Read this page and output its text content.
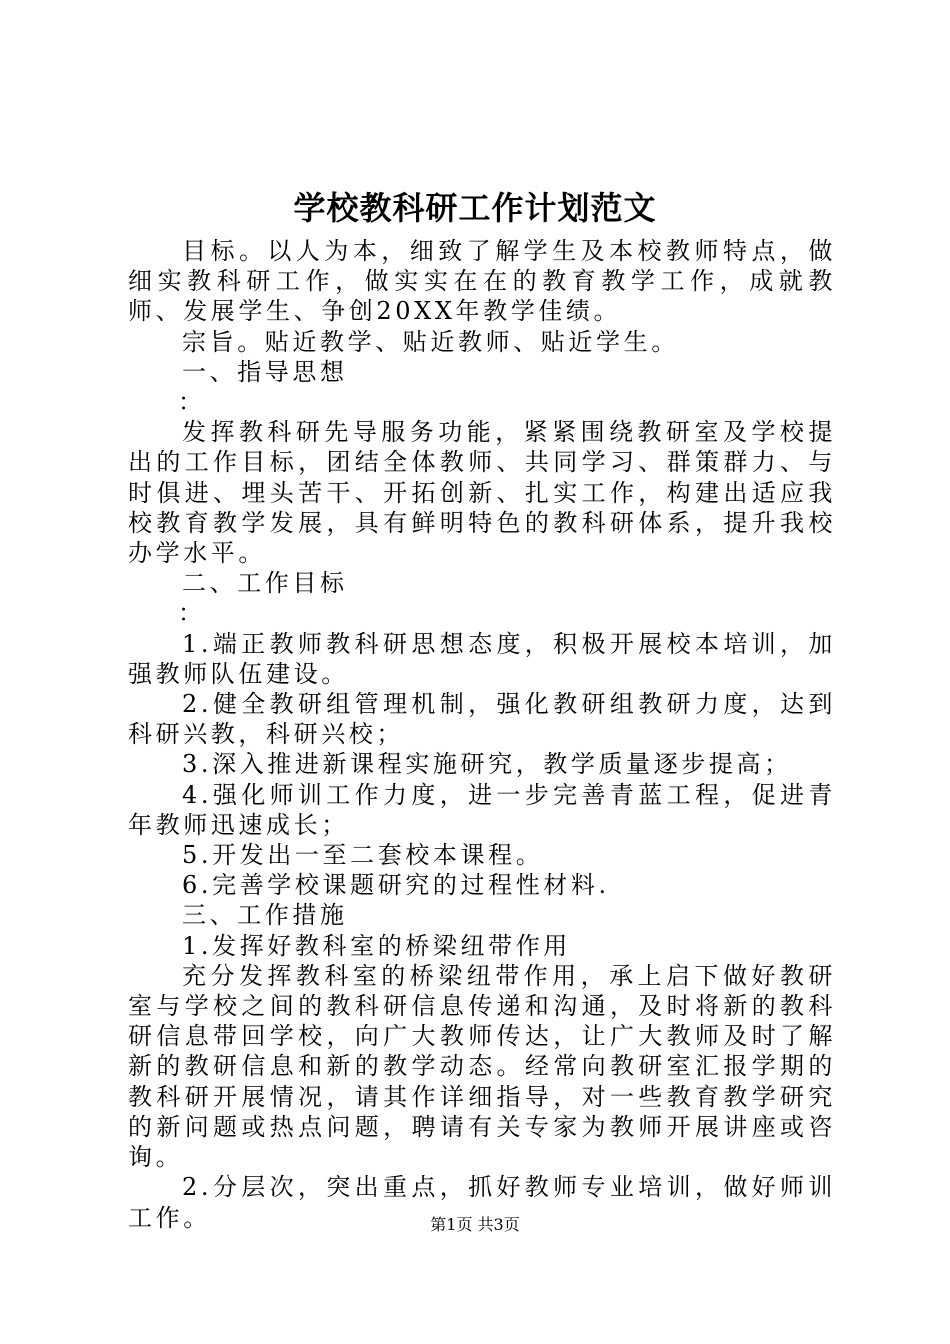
学校教科研工作计划范文

目标。以人为本，细致了解学生及本校教师特点，做细实教科研工作，做实实在在的教育教学工作，成就教师、发展学生、争创20XX年教学佳绩。

宗旨。贴近教学、贴近教师、贴近学生。

一、指导思想

：

发挥教科研先导服务功能，紧紧围绕教研室及学校提出的工作目标，团结全体教师、共同学习、群策群力、与时俱进、埋头苦干、开拓创新、扎实工作，构建出适应我校教育教学发展，具有鲜明特色的教科研体系，提升我校办学水平。

二、工作目标

：

1.端正教师教科研思想态度，积极开展校本培训，加强教师队伍建设。

2.健全教研组管理机制，强化教研组教研力度，达到科研兴教，科研兴校；

3.深入推进新课程实施研究，教学质量逐步提高；

4.强化师训工作力度，进一步完善青蓝工程，促进青年教师迅速成长；

5.开发出一至二套校本课程。

6.完善学校课题研究的过程性材料.

三、工作措施

1.发挥好教科室的桥梁纽带作用

充分发挥教科室的桥梁纽带作用，承上启下做好教研室与学校之间的教科研信息传递和沟通，及时将新的教科研信息带回学校，向广大教师传达，让广大教师及时了解新的教研信息和新的教学动态。经常向教研室汇报学期的教科研开展情况，请其作详细指导，对一些教育教学研究的新问题或热点问题，聘请有关专家为教师开展讲座或咨询。

2.分层次，突出重点，抓好教师专业培训，做好师训工作。	第1页 共3页
